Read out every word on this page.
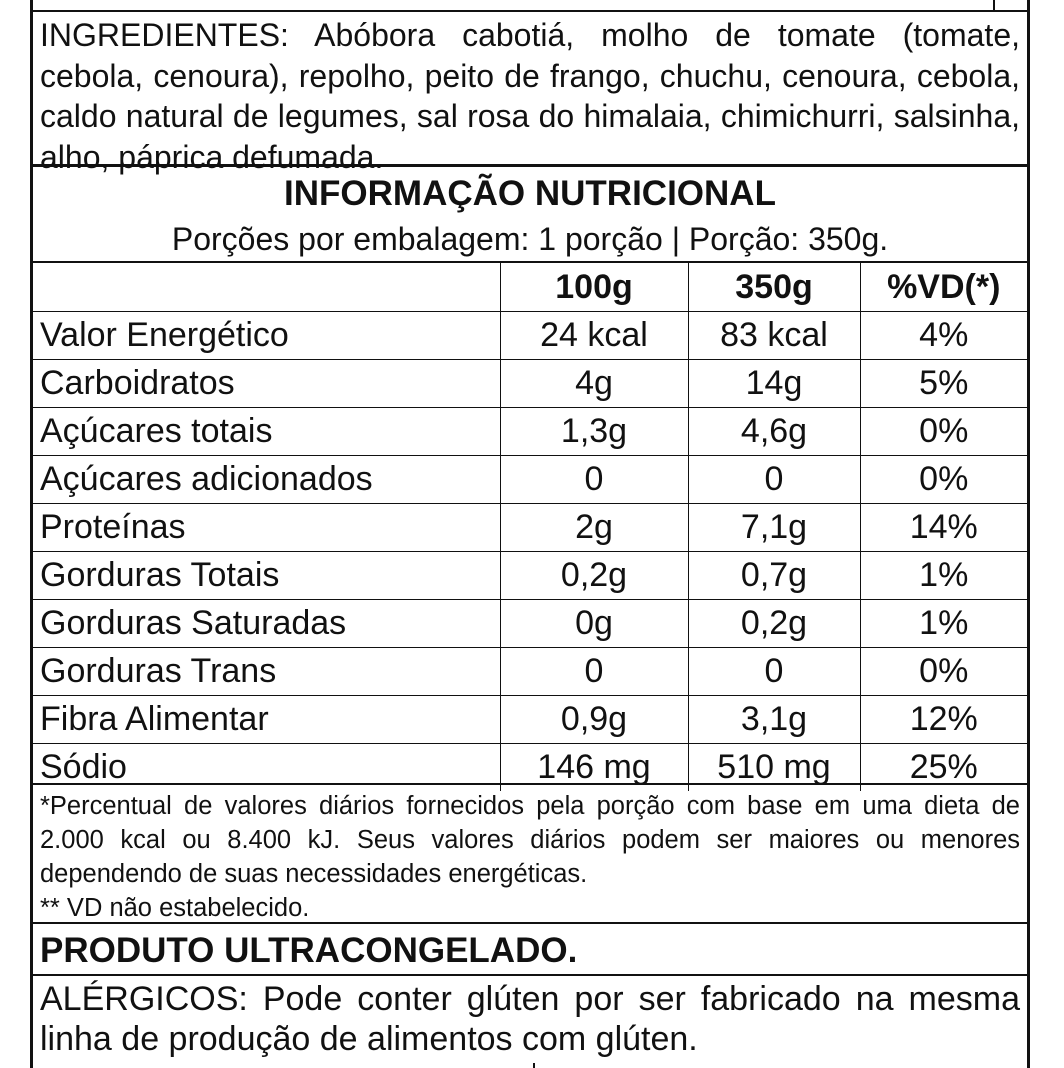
INGREDIENTES: Abóbora cabotiá, molho de tomate (tomate, cebola, cenoura), repolho, peito de frango, chuchu, cenoura, cebola, caldo natural de legumes, sal rosa do himalaia, chimichurri, salsinha, alho, páprica defumada.
INFORMAÇÃO NUTRICIONAL
Porções por embalagem: 1 porção | Porção: 350g.
	100g	350g	%VD(*)
Valor Energético	24 kcal	83 kcal	4%
Carboidratos	4g	14g	5%
Açúcares totais	1,3g	4,6g	0%
Açúcares adicionados	0	0	0%
Proteínas	2g	7,1g	14%
Gorduras Totais	0,2g	0,7g	1%
Gorduras Saturadas	0g	0,2g	1%
Gorduras Trans	0	0	0%
Fibra Alimentar	0,9g	3,1g	12%
Sódio	146 mg	510 mg	25%
*Percentual de valores diários fornecidos pela porção com base em uma dieta de 2.000 kcal ou 8.400 kJ. Seus valores diários podem ser maiores ou menores dependendo de suas necessidades energéticas.
** VD não estabelecido.
PRODUTO ULTRACONGELADO.
ALÉRGICOS: Pode conter glúten por ser fabricado na mesma linha de produção de alimentos com glúten.
